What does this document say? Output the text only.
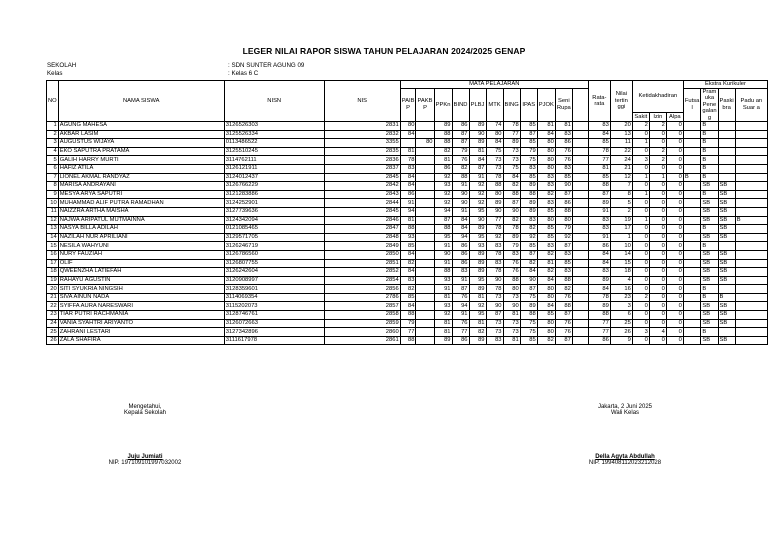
LEGER NILAI RAPOR SISWA TAHUN PELAJARAN 2024/2025 GENAP
SEKOLAH	: SDN SUNTER AGUNG 09
Kelas	: Kelas 6 C
NO	NAMA SISWA	NISN	NIS	MATA PELAJARAN											Rata-rata	Nilai tertin ggi	Ketidakhadiran			Ekstra Kurikuler			
				PAIB P	PAKB P	PPKn	BIND	PLBJ	MTK	BING	IPAS	PJOK	Seni Rupa							Futsa l	Pram uka Pene galan g	Paski bra	Padu an Suar a
																	Sakit	Izin	Alpa				
1	AGUNG MAHESA	3126526303	2831	80		89	86	89	74	78	85	81	81		83	20	2	2	0		B		
2	AKBAR LASIM	3125526334	2832	84		88	87	90	80	77	87	84	83		84	13	0	0	0		B		
3	AUGUSTUS WIJAYA	0113486522	3355		80	88	87	89	84	89	85	80	86		85	11	1	0	0		B		
4	EKO SAPUTRA PRATAMA	3125510245	2835	81		82	79	81	75	73	79	80	76		78	22	0	2	0		B		
5	GALIH HARRY MURTI	3114762111	2836	78		81	76	84	73	73	75	80	76		77	24	3	2	0		B		
6	HAFIZ ATILA	3126121911	2837	83		86	82	87	73	75	83	80	83		81	21	0	0	0		B		
7	LIONEL AKMAL RANDYAZ	3124012437	2845	84		92	88	91	78	84	85	83	85		85	12	1	1	0	B	B		
8	MARISA ANDRAYANI	3126766229	2842	84		93	91	92	88	82	89	83	90		88	7	0	0	0		SB	SB	
9	MESYA ARYA SAPUTRI	3121283886	2843	86		92	90	92	80	88	88	82	87		87	8	1	0	0		B	SB	
10	MUHAMMAD ALIF PUTRA RAMADHAN	3124252901	2844	91		92	90	92	89	87	89	83	86		89	5	0	0	0		SB	SB	
11	NAIZZRA ARTHA MAISHA	3127739636	2845	94		94	91	95	90	90	89	85	88		91	2	0	0	0		SB	SB	
12	NAJWA ARIPATUL MUTMAINNA	3124342094	2846	81		87	84	90	77	82	83	80	80		83	19	1	0	0		SB	SB	B
13	NASYA BILLA ADILAH	0121085465	2847	88		88	84	89	78	78	82	85	79		83	17	0	0	0		B	SB	
14	NAZILAH NUR APRILIANI	3129571705	2848	93		95	94	95	92	89	92	85	92		91	1	0	0	0		SB	SB	
15	NESILA WAHYUNI	3126246719	2849	85		91	86	93	83	79	85	83	87		86	10	0	0	0		B		
16	NURY FAUZIAH	3126786560	2850	84		90	86	89	78	83	87	82	83		84	14	0	0	0		SB	SB	
17	OLIF	3126807755	2851	82		91	86	89	83	76	82	81	85		84	15	0	0	0		SB	SB	
18	QWEENZHA LATIEFAH	3126242604	2852	84		88	83	89	78	76	84	82	83		83	18	0	0	0		SB	SB	
19	RAHAYU AGUSTIN	3120908997	2854	83		93	91	95	90	88	90	84	88		89	4	0	0	0		SB	SB	
20	SITI SYUKRIA NINGSIH	3128359601	2856	82		91	87	89	78	80	87	80	82		84	16	0	0	0		B		
21	SIVA AINUN NADA	3114069354	2786	85		81	76	81	73	73	75	80	76		78	23	2	0	0		B	B	
22	SYIFFA AURA NARESWARI	3115202073	2857	84		93	94	92	90	90	89	84	88		89	3	0	0	0		SB	SB	
23	TIAR PUTRI RACHMANIA	3128746761	2858	88		92	91	95	87	81	88	85	87		88	6	0	0	0		SB	SB	
24	VANIA SYAHTRI ARIYANTO	3126072663	2859	79		81	76	81	73	73	75	80	76		77	25	0	0	0		SB	SB	
25	ZAHRANI LESTARI	3127342896	2860	77		81	77	82	73	73	75	80	76		77	26	3	4	0		B		
26	ZALA SHAFIRA	3111617978	2861	88		89	86	89	83	81	85	82	87		86	9	0	0	0		SB	SB	
Mengetahui,
Kepala Sekolah
Juju Jumiati
NIP. 197109101997032002
Jakarta, 2 Juni 2025
Wali Kelas
Della Agyta Abdullah
NIP. 199408112023212028
